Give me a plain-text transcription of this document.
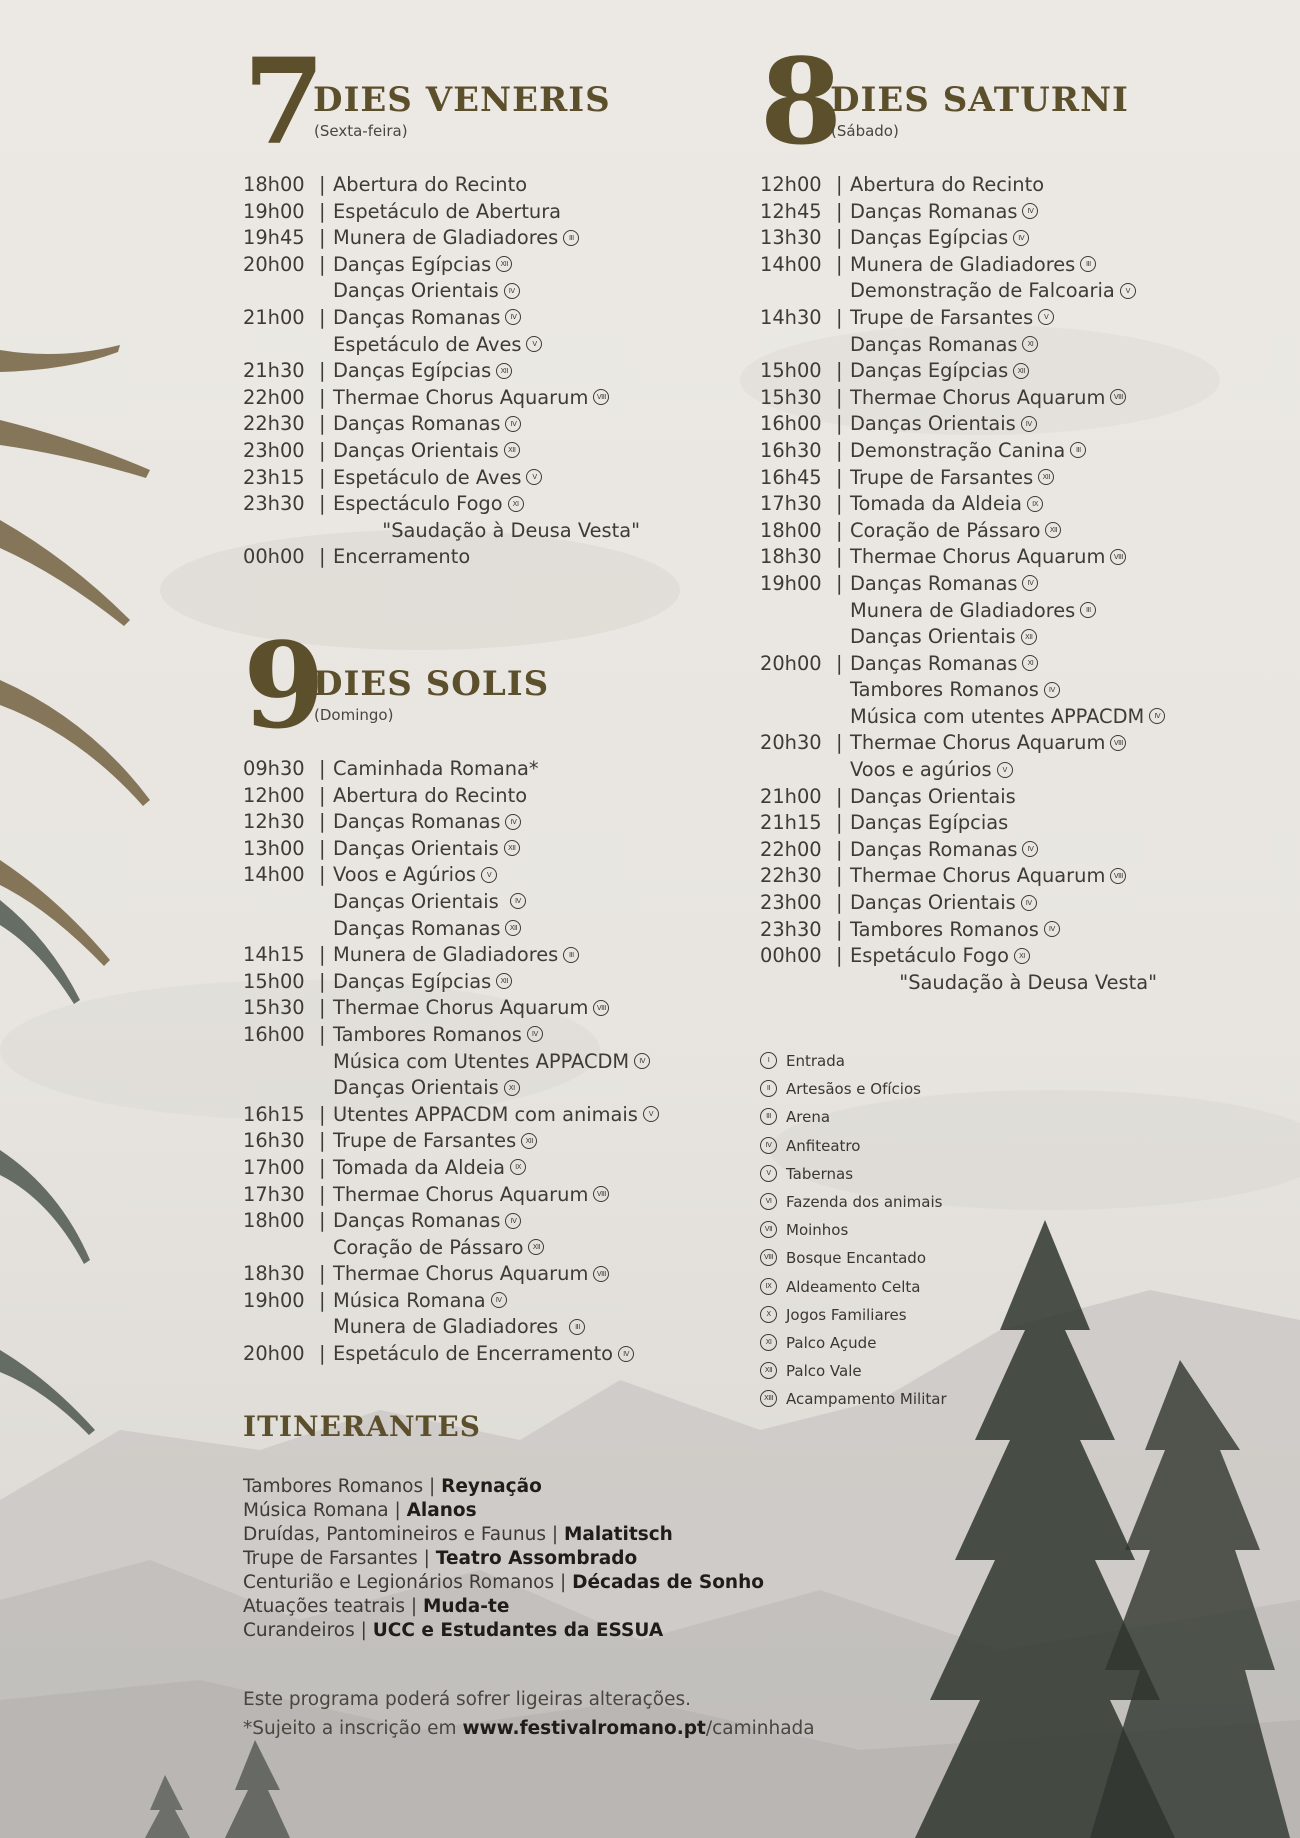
7
DIES VENERIS
(Sexta-feira)
18h00 | Abertura do Recinto
19h00 | Espetáculo de Abertura
19h45 | Munera de Gladiadores III
20h00 | Danças Egípcias XII
Danças Orientais IV
21h00 | Danças Romanas IV
Espetáculo de Aves V
21h30 | Danças Egípcias XII
22h00 | Thermae Chorus Aquarum VIII
22h30 | Danças Romanas IV
23h00 | Danças Orientais XII
23h15 | Espetáculo de Aves V
23h30 | Espectáculo Fogo XI
"Saudação à Deusa Vesta"
00h00 | Encerramento
8
DIES SATURNI
(Sábado)
12h00 | Abertura do Recinto
12h45 | Danças Romanas IV
13h30 | Danças Egípcias IV
14h00 | Munera de Gladiadores III
Demonstração de Falcoaria V
14h30 | Trupe de Farsantes V
Danças Romanas XI
15h00 | Danças Egípcias XII
15h30 | Thermae Chorus Aquarum VIII
16h00 | Danças Orientais IV
16h30 | Demonstração Canina III
16h45 | Trupe de Farsantes XII
17h30 | Tomada da Aldeia IX
18h00 | Coração de Pássaro XII
18h30 | Thermae Chorus Aquarum VIII
19h00 | Danças Romanas IV
Munera de Gladiadores III
Danças Orientais XII
20h00 | Danças Romanas XI
Tambores Romanos IV
Música com utentes APPACDM IV
20h30 | Thermae Chorus Aquarum VIII
Voos e agúrios V
21h00 | Danças Orientais
21h15 | Danças Egípcias
22h00 | Danças Romanas IV
22h30 | Thermae Chorus Aquarum VIII
23h00 | Danças Orientais IV
23h30 | Tambores Romanos IV
00h00 | Espetáculo Fogo XI
"Saudação à Deusa Vesta"
9
DIES SOLIS
(Domingo)
09h30 | Caminhada Romana*
12h00 | Abertura do Recinto
12h30 | Danças Romanas IV
13h00 | Danças Orientais XII
14h00 | Voos e Agúrios V
Danças Orientais IV
Danças Romanas XII
14h15 | Munera de Gladiadores III
15h00 | Danças Egípcias XII
15h30 | Thermae Chorus Aquarum VIII
16h00 | Tambores Romanos IV
Música com Utentes APPACDM IV
Danças Orientais XI
16h15 | Utentes APPACDM com animais V
16h30 | Trupe de Farsantes XII
17h00 | Tomada da Aldeia IX
17h30 | Thermae Chorus Aquarum VIII
18h00 | Danças Romanas IV
Coração de Pássaro XII
18h30 | Thermae Chorus Aquarum VIII
19h00 | Música Romana IV
Munera de Gladiadores III
20h00 | Espetáculo de Encerramento IV
I Entrada
II Artesãos e Ofícios
III Arena
IV Anfiteatro
V Tabernas
VI Fazenda dos animais
VII Moinhos
VIII Bosque Encantado
IX Aldeamento Celta
X Jogos Familiares
XI Palco Açude
XII Palco Vale
XIII Acampamento Militar
ITINERANTES
Tambores Romanos | Reynação
Música Romana | Alanos
Druídas, Pantomineiros e Faunus | Malatitsch
Trupe de Farsantes | Teatro Assombrado
Centurião e Legionários Romanos | Décadas de Sonho
Atuações teatrais | Muda-te
Curandeiros | UCC e Estudantes da ESSUA
Este programa poderá sofrer ligeiras alterações.
*Sujeito a inscrição em www.festivalromano.pt/caminhada
